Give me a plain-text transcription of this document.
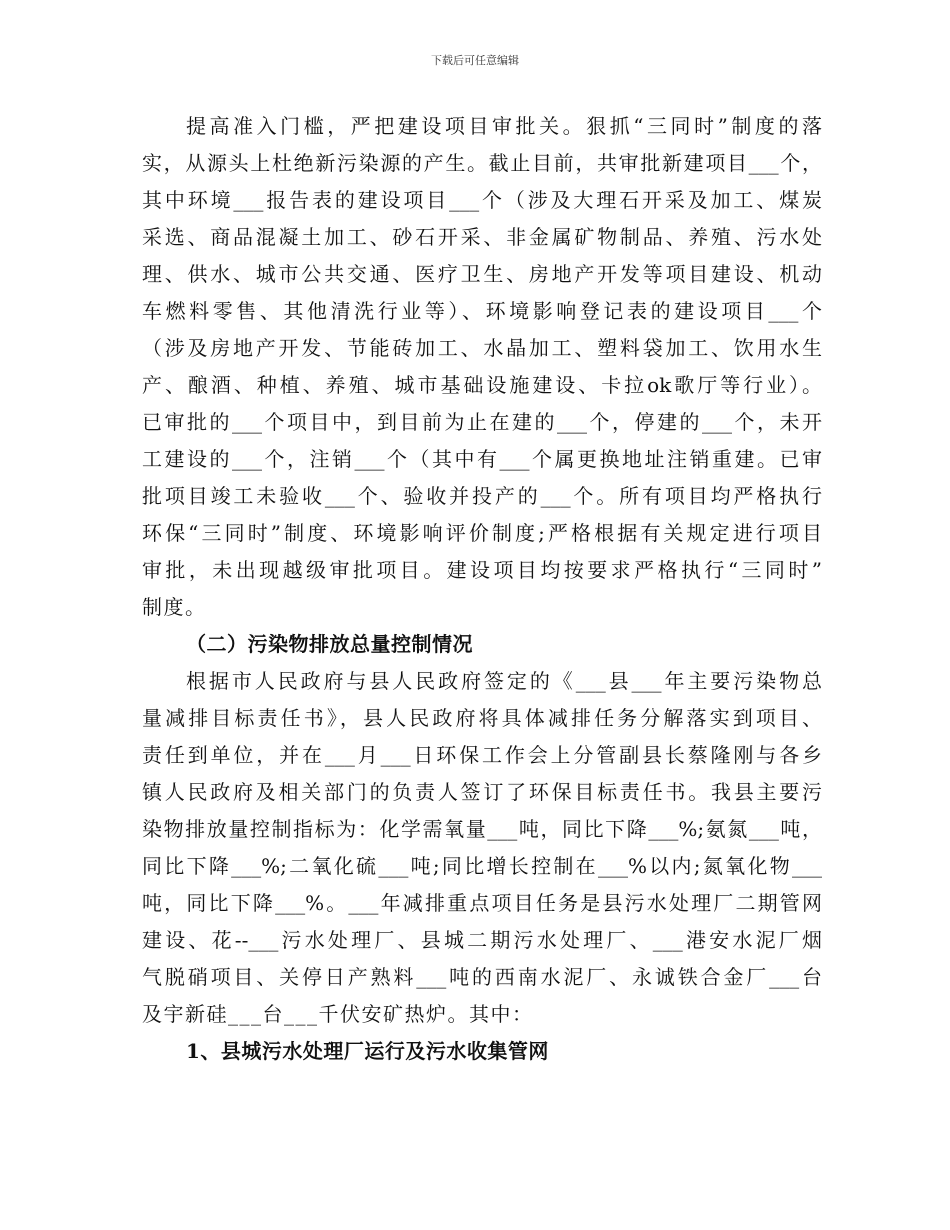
下载后可任意编辑
提高准入门槛，严把建设项目审批关。狠抓“三同时”制度的落
实，从源头上杜绝新污染源的产生。截止目前，共审批新建项目___个，
其中环境___报告表的建设项目___个（涉及大理石开采及加工、煤炭
采选、商品混凝土加工、砂石开采、非金属矿物制品、养殖、污水处
理、供水、城市公共交通、医疗卫生、房地产开发等项目建设、机动
车燃料零售、其他清洗行业等）、环境影响登记表的建设项目___个
（涉及房地产开发、节能砖加工、水晶加工、塑料袋加工、饮用水生
产、酿酒、种植、养殖、城市基础设施建设、卡拉ok歌厅等行业）。
已审批的___个项目中，到目前为止在建的___个，停建的___个，未开
工建设的___个，注销___个（其中有___个属更换地址注销重建。已审
批项目竣工未验收___个、验收并投产的___个。所有项目均严格执行
环保“三同时”制度、环境影响评价制度;严格根据有关规定进行项目
审批，未出现越级审批项目。建设项目均按要求严格执行“三同时”
制度。
（二）污染物排放总量控制情况
根据市人民政府与县人民政府签定的《___县___年主要污染物总
量减排目标责任书》，县人民政府将具体减排任务分解落实到项目、
责任到单位，并在___月___日环保工作会上分管副县长蔡隆刚与各乡
镇人民政府及相关部门的负责人签订了环保目标责任书。我县主要污
染物排放量控制指标为：化学需氧量___吨，同比下降___%;氨氮___吨，
同比下降___%;二氧化硫___吨;同比增长控制在___%以内;氮氧化物___
吨，同比下降___%。___年减排重点项目任务是县污水处理厂二期管网
建设、花--___污水处理厂、县城二期污水处理厂、___港安水泥厂烟
气脱硝项目、关停日产熟料___吨的西南水泥厂、永诚铁合金厂___台
及宇新硅___台___千伏安矿热炉。其中：
1、县城污水处理厂运行及污水收集管网
